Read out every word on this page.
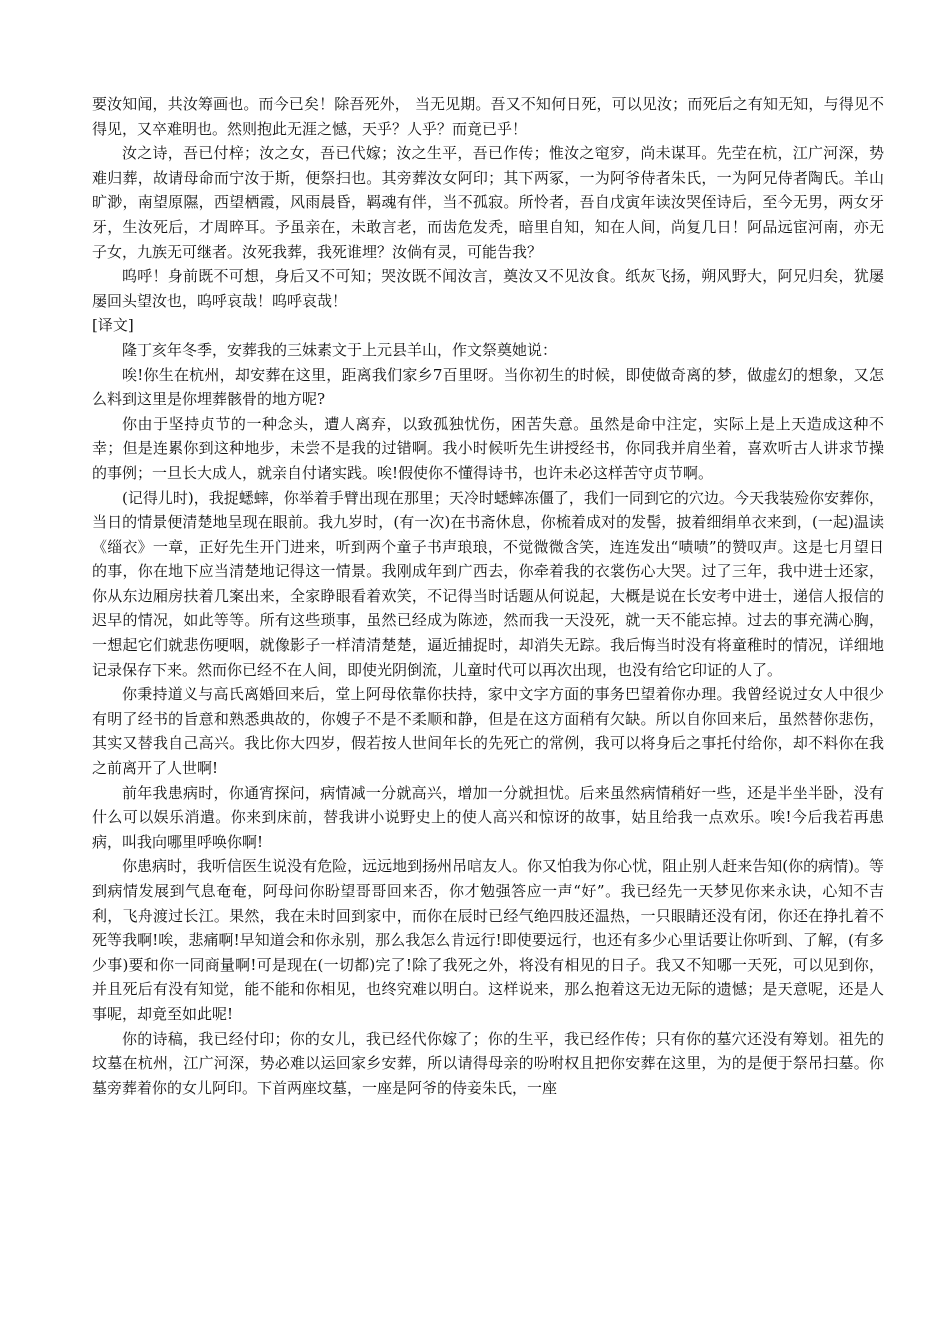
要汝知闻，共汝筹画也。而今已矣！除吾死外， 当无见期。吾又不知何日死，可以见汝；而死后之有知无知，与得见不得见，又卒难明也。然则抱此无涯之憾，天乎？人乎？而竟已乎！

汝之诗，吾已付梓；汝之女，吾已代嫁；汝之生平，吾已作传；惟汝之窀穸，尚未谋耳。先茔在杭，江广河深，势难归葬，故请母命而宁汝于斯，便祭扫也。其旁葬汝女阿印；其下两冢，一为阿爷侍者朱氏，一为阿兄侍者陶氏。羊山旷渺，南望原隰，西望栖霞，风雨晨昏，羁魂有伴，当不孤寂。所怜者，吾自戊寅年读汝哭侄诗后，至今无男，两女牙牙，生汝死后，才周晬耳。予虽亲在，未敢言老，而齿危发秃，暗里自知，知在人间，尚复几日！阿品远宦河南，亦无子女，九族无可继者。汝死我葬，我死谁埋？汝倘有灵，可能告我？

呜呼！身前既不可想，身后又不可知；哭汝既不闻汝言，奠汝又不见汝食。纸灰飞扬，朔风野大，阿兄归矣，犹屡屡回头望汝也，呜呼哀哉！呜呼哀哉！

[译文]

隆丁亥年冬季，安葬我的三妹素文于上元县羊山，作文祭奠她说：

唉!你生在杭州，却安葬在这里，距离我们家乡7百里呀。当你初生的时候，即使做奇离的梦，做虚幻的想象，又怎么料到这里是你埋葬骸骨的地方呢?

你由于坚持贞节的一种念头，遭人离弃，以致孤独忧伤，困苦失意。虽然是命中注定，实际上是上天造成这种不幸；但是连累你到这种地步，未尝不是我的过错啊。我小时候听先生讲授经书，你同我并肩坐着，喜欢听古人讲求节操的事例；一旦长大成人，就亲自付诸实践。唉!假使你不懂得诗书，也许未必这样苦守贞节啊。

(记得儿时)，我捉蟋蟀，你举着手臂出现在那里；天冷时蟋蟀冻僵了，我们一同到它的穴边。今天我装殓你安葬你，当日的情景便清楚地呈现在眼前。我九岁时，(有一次)在书斋休息，你梳着成对的发髻，披着细绢单衣来到，(一起)温读《缁衣》一章，正好先生开门进来，听到两个童子书声琅琅，不觉微微含笑，连连发出“啧啧”的赞叹声。这是七月望日的事，你在地下应当清楚地记得这一情景。我刚成年到广西去，你牵着我的衣裳伤心大哭。过了三年，我中进士还家，你从东边厢房扶着几案出来，全家睁眼看着欢笑，不记得当时话题从何说起，大概是说在长安考中进士，递信人报信的迟早的情况，如此等等。所有这些琐事，虽然已经成为陈迹，然而我一天没死，就一天不能忘掉。过去的事充满心胸，一想起它们就悲伤哽咽，就像影子一样清清楚楚，逼近捕捉时，却消失无踪。我后悔当时没有将童稚时的情况，详细地记录保存下来。然而你已经不在人间，即使光阴倒流，儿童时代可以再次出现，也没有给它印证的人了。

你秉持道义与高氏离婚回来后，堂上阿母依靠你扶持，家中文字方面的事务巴望着你办理。我曾经说过女人中很少有明了经书的旨意和熟悉典故的，你嫂子不是不柔顺和静，但是在这方面稍有欠缺。所以自你回来后，虽然替你悲伤，其实又替我自己高兴。我比你大四岁，假若按人世间年长的先死亡的常例，我可以将身后之事托付给你，却不料你在我之前离开了人世啊!

前年我患病时，你通宵探问，病情减一分就高兴，增加一分就担忧。后来虽然病情稍好一些，还是半坐半卧，没有什么可以娱乐消遣。你来到床前，替我讲小说野史上的使人高兴和惊讶的故事，姑且给我一点欢乐。唉!今后我若再患病，叫我向哪里呼唤你啊!

你患病时，我听信医生说没有危险，远远地到扬州吊唁友人。你又怕我为你心忧，阻止别人赶来告知(你的病情)。等到病情发展到气息奄奄，阿母问你盼望哥哥回来否，你才勉强答应一声“好”。我已经先一天梦见你来永诀，心知不吉利，飞舟渡过长江。果然，我在未时回到家中，而你在辰时已经气绝四肢还温热，一只眼睛还没有闭，你还在挣扎着不死等我啊!唉，悲痛啊!早知道会和你永别，那么我怎么肯远行!即使要远行，也还有多少心里话要让你听到、了解，(有多少事)要和你一同商量啊!可是现在(一切都)完了!除了我死之外，将没有相见的日子。我又不知哪一天死，可以见到你，并且死后有没有知觉，能不能和你相见，也终究难以明白。这样说来，那么抱着这无边无际的遗憾；是天意呢，还是人事呢，却竟至如此呢!

你的诗稿，我已经付印；你的女儿，我已经代你嫁了；你的生平，我已经作传；只有你的墓穴还没有筹划。祖先的坟墓在杭州，江广河深，势必难以运回家乡安葬，所以请得母亲的吩咐权且把你安葬在这里，为的是便于祭吊扫墓。你墓旁葬着你的女儿阿印。下首两座坟墓，一座是阿爷的侍妾朱氏，一座
